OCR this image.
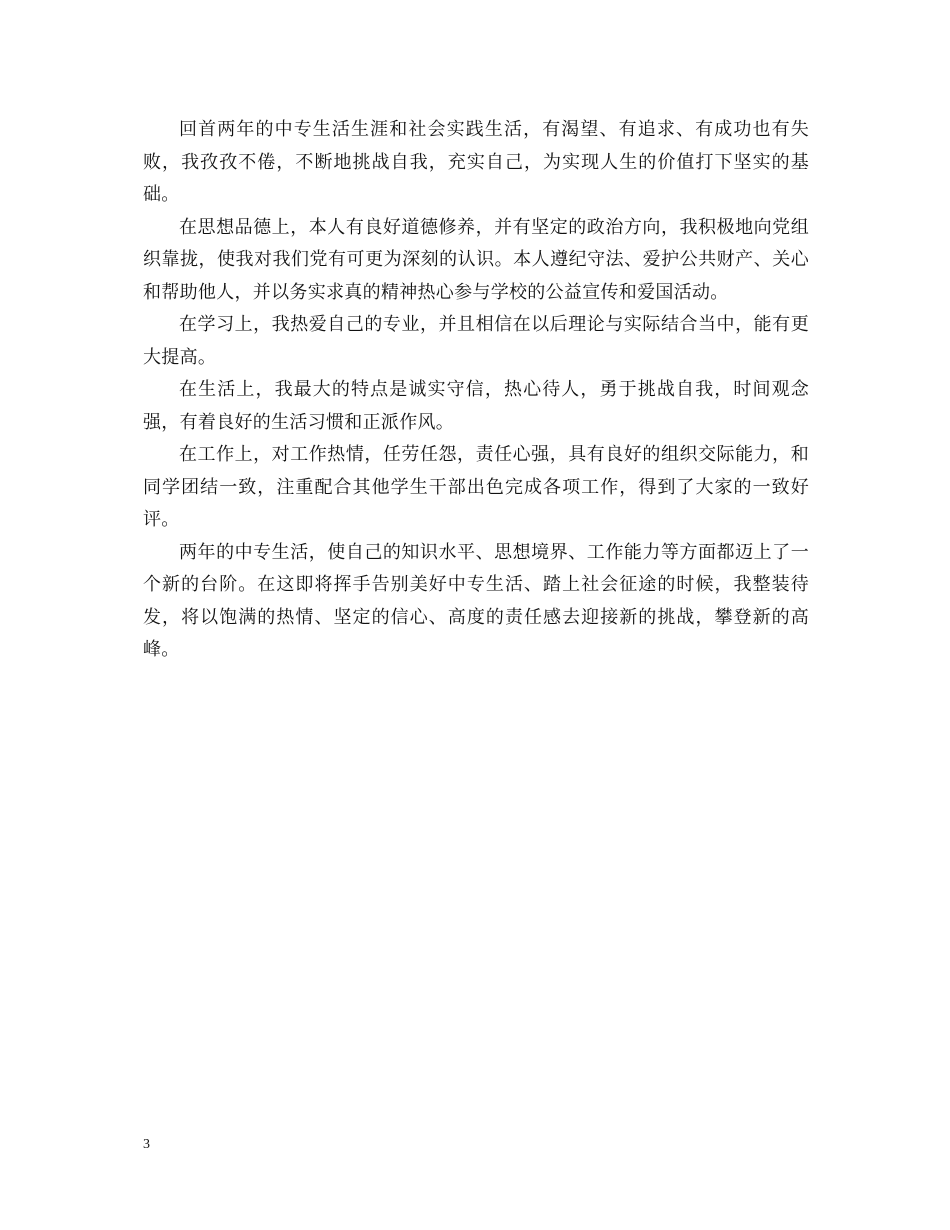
回首两年的中专生活生涯和社会实践生活，有渴望、有追求、有成功也有失败，我孜孜不倦，不断地挑战自我，充实自己，为实现人生的价值打下坚实的基础。

在思想品德上，本人有良好道德修养，并有坚定的政治方向，我积极地向党组织靠拢，使我对我们党有可更为深刻的认识。本人遵纪守法、爱护公共财产、关心和帮助他人，并以务实求真的精神热心参与学校的公益宣传和爱国活动。

在学习上，我热爱自己的专业，并且相信在以后理论与实际结合当中，能有更大提高。

在生活上，我最大的特点是诚实守信，热心待人，勇于挑战自我，时间观念强，有着良好的生活习惯和正派作风。

在工作上，对工作热情，任劳任怨，责任心强，具有良好的组织交际能力，和同学团结一致，注重配合其他学生干部出色完成各项工作，得到了大家的一致好评。

两年的中专生活，使自己的知识水平、思想境界、工作能力等方面都迈上了一个新的台阶。在这即将挥手告别美好中专生活、踏上社会征途的时候，我整装待发，将以饱满的热情、坚定的信心、高度的责任感去迎接新的挑战，攀登新的高峰。

3
